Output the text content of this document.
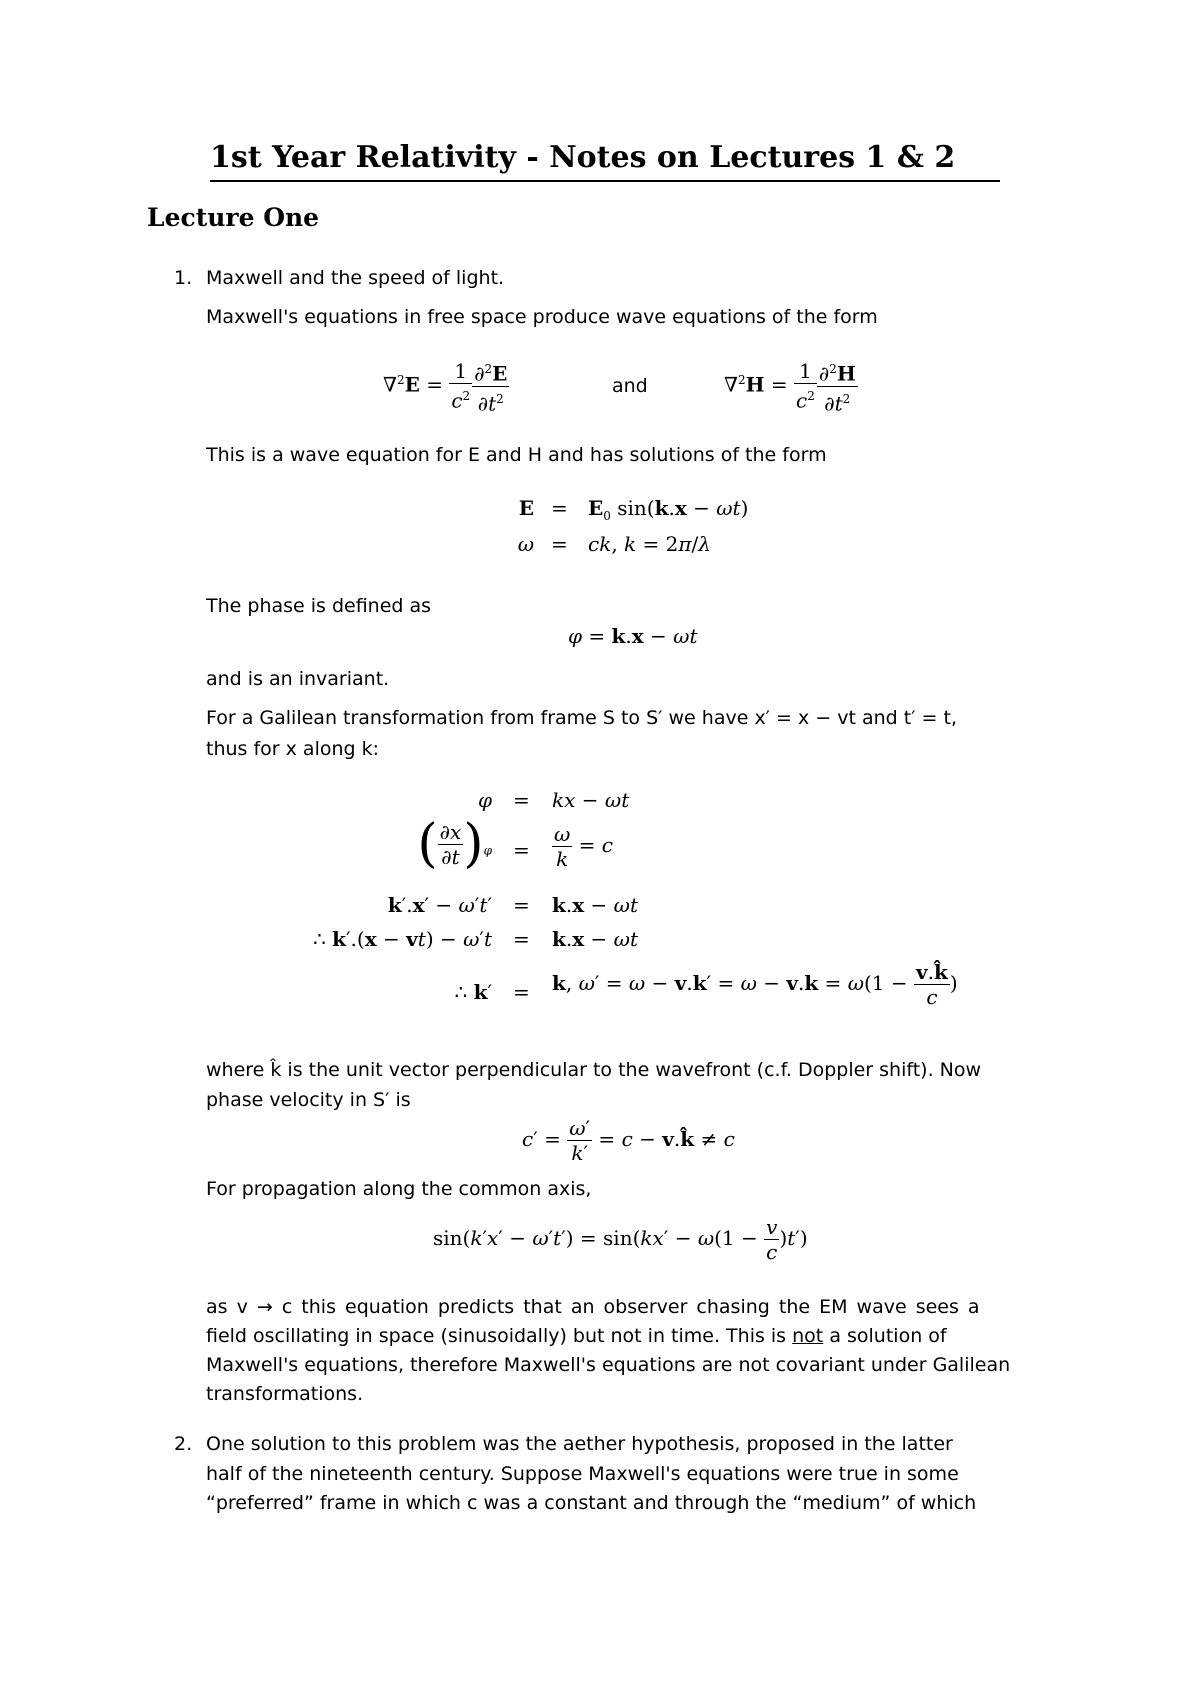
1st Year Relativity - Notes on Lectures 1 & 2
Lecture One
1. Maxwell and the speed of light.
Maxwell's equations in free space produce wave equations of the form
$\nabla^2E = \frac{1}{c^2} \frac{\partial^2E}{\partial t^2}$	and	$\nabla^2H = \frac{1}{c^2} \frac{\partial^2H}{\partial t^2}$
This is a wave equation for E and H and has solutions of the form
$E = E_0$ sin(k.x − ωt)
ω = ck, k = 2π/λ
The phase is defined as
φ = k.x − ωt
and is an invariant.
For a Galilean transformation from frame S to S′ we have x′ = x − vt and t′ = t,
thus for x along k:
φ = kx − ωt
( $\frac{\partial x}{\partial t} )_\varphi = \frac{\omega}{k} = c$
k′.x′ − ω′t′ = k.x − ωt
∴ k′.(x − vt) − ω′t = k.x − ωt
∴ k′ = k, $\omega' = \omega - v.k' = \omega - v.k = \omega(1 - \frac{v.k̂}{c}$ )
where k̂ is the unit vector perpendicular to the wavefront (c.f. Doppler shift). Now
phase velocity in S′ is
$c' = \frac{\omega'}{k'} = c$ − v.k̂ ≠ c
For propagation along the common axis,
$\sin(k'x' - \omega't') = \sin(kx' - \omega(1 - \frac{v}{c} )t')$
as v → c this equation predicts that an observer chasing the EM wave sees a
field oscillating in space (sinusoidally) but not in time. This is not a solution of
Maxwell's equations, therefore Maxwell's equations are not covariant under Galilean
transformations.
2. One solution to this problem was the aether hypothesis, proposed in the latter
half of the nineteenth century. Suppose Maxwell's equations were true in some
“preferred” frame in which c was a constant and through the “medium” of which
